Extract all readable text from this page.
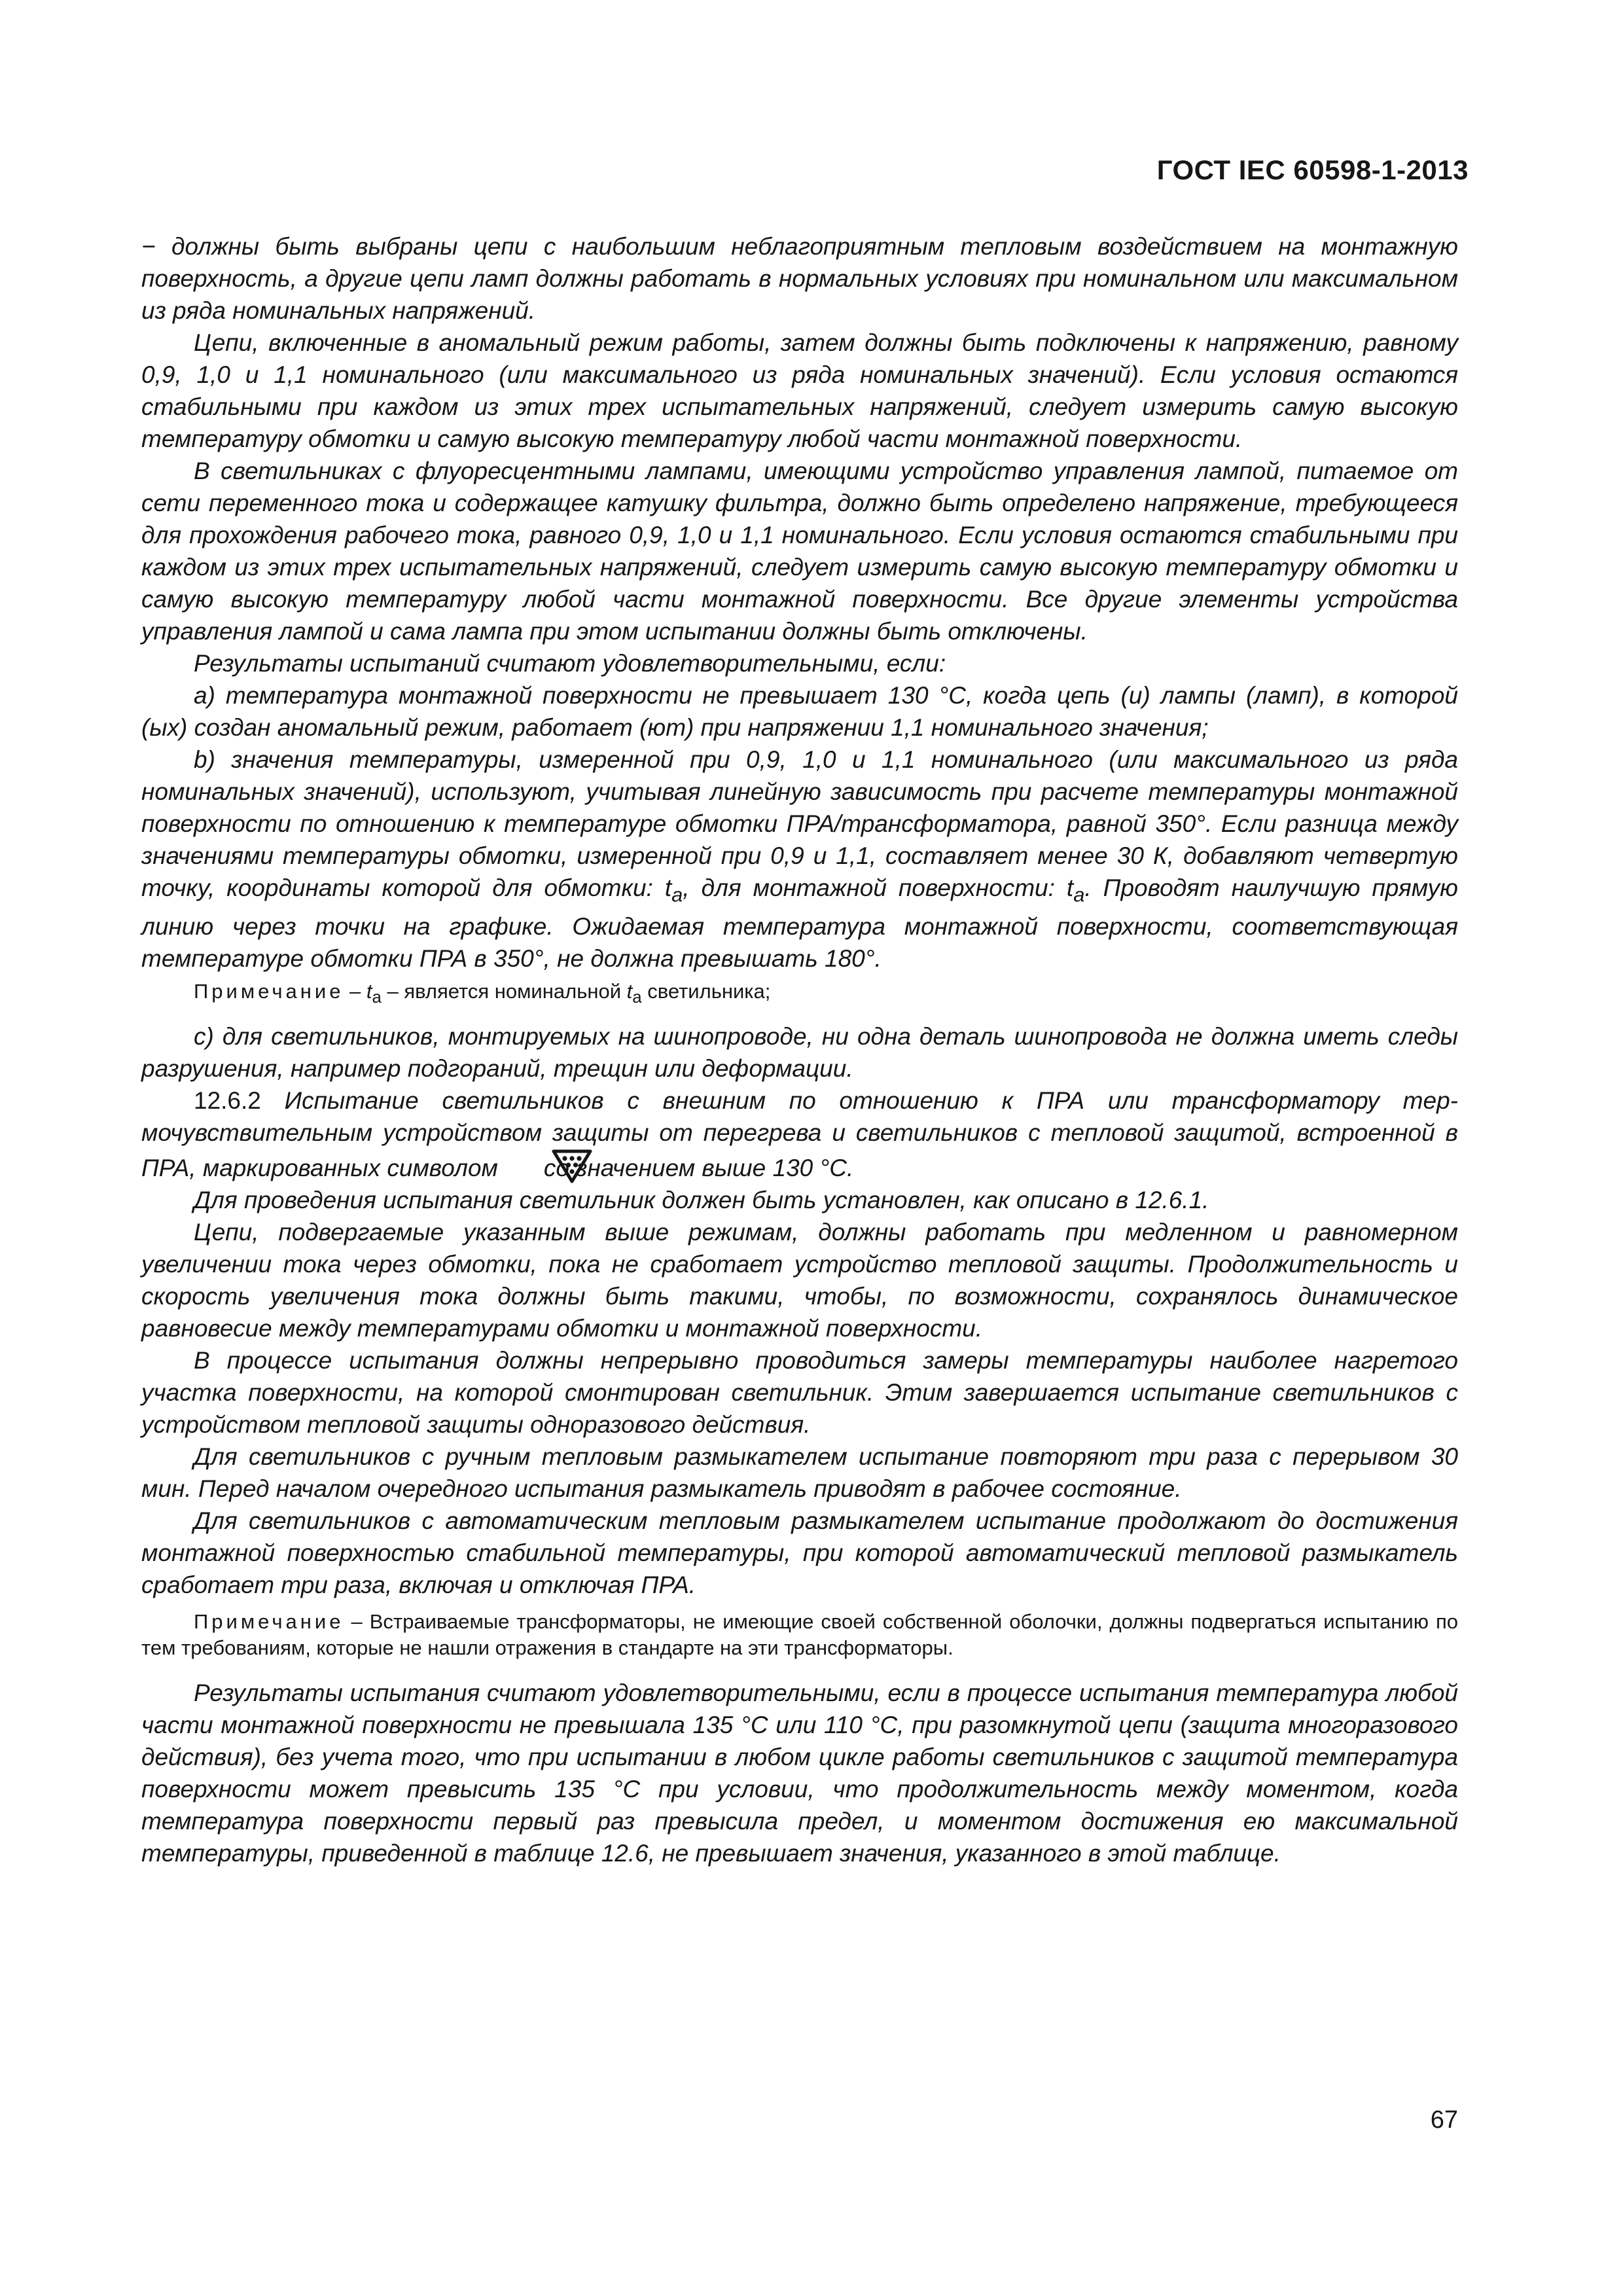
ГОСТ IEC 60598-1-2013

− должны быть выбраны цепи с наибольшим неблагоприятным тепловым воздействием на монтажную поверхность, а другие цепи ламп должны работать в нормальных условиях при номинальном или максимальном из ряда номинальных напряжений.

Цепи, включенные в аномальный режим работы, затем должны быть подключены к напряжению, равному 0,9, 1,0 и 1,1 номинального (или максимального из ряда номинальных значений). Если условия остаются стабильными при каждом из этих трех испытательных напряжений, следует измерить самую высокую температуру обмотки и самую высокую температуру любой части монтажной поверхности.

В светильниках с флуоресцентными лампами, имеющими устройство управления лампой, питаемое от сети переменного тока и содержащее катушку фильтра, должно быть определено напряжение, требующееся для прохождения рабочего тока, равного 0,9, 1,0 и 1,1 номинального. Если условия остаются стабильными при каждом из этих трех испытательных напряжений, следует измерить самую высокую температуру обмотки и самую высокую температуру любой части монтажной поверхности. Все другие элементы устройства управления лампой и сама лампа при этом испытании должны быть отключены.

Результаты испытаний считают удовлетворительными, если:

a) температура монтажной поверхности не превышает 130 °С, когда цепь (и) лампы (ламп), в которой (ых) создан аномальный режим, работает (ют) при напряжении 1,1 номинального значения;

b) значения температуры, измеренной при 0,9, 1,0 и 1,1 номинального (или максимального из ряда номинальных значений), используют, учитывая линейную зависимость при расчете температуры монтажной поверхности по отношению к температуре обмотки ПРА/трансформатора, равной 350°. Если разница между значениями температуры обмотки, измеренной при 0,9 и 1,1, составляет менее 30 К, добавляют четвертую точку, координаты которой для обмотки: $t_a$, для монтажной поверхности: $t_a$. Проводят наилучшую прямую линию через точки на графике. Ожидаемая температура монтажной поверхности, соответствующая температуре обмотки ПРА в 350°, не должна превышать 180°.

Примечание – $t_a$ – является номинальной $t_a$ светильника;

c) для светильников, монтируемых на шинопроводе, ни одна деталь шинопровода не должна иметь следы разрушения, например подгораний, трещин или деформации.

12.6.2 Испытание светильников с внешним по отношению к ПРА или трансформатору термочувствительным устройством защиты от перегрева и светильников с тепловой защитой, встроенной в ПРА, маркированных символом со значением выше 130 °С.

Для проведения испытания светильник должен быть установлен, как описано в 12.6.1.

Цепи, подвергаемые указанным выше режимам, должны работать при медленном и равномерном увеличении тока через обмотки, пока не сработает устройство тепловой защиты. Продолжительность и скорость увеличения тока должны быть такими, чтобы, по возможности, сохранялось динамическое равновесие между температурами обмотки и монтажной поверхности.

В процессе испытания должны непрерывно проводиться замеры температуры наиболее нагретого участка поверхности, на которой смонтирован светильник. Этим завершается испытание светильников с устройством тепловой защиты одноразового действия.

Для светильников с ручным тепловым размыкателем испытание повторяют три раза с перерывом 30 мин. Перед началом очередного испытания размыкатель приводят в рабочее состояние.

Для светильников с автоматическим тепловым размыкателем испытание продолжают до достижения монтажной поверхностью стабильной температуры, при которой автоматический тепловой размыкатель сработает три раза, включая и отключая ПРА.

Примечание – Встраиваемые трансформаторы, не имеющие своей собственной оболочки, должны подвергаться испытанию по тем требованиям, которые не нашли отражения в стандарте на эти трансформаторы.

Результаты испытания считают удовлетворительными, если в процессе испытания температура любой части монтажной поверхности не превышала 135 °С или 110 °С, при разомкнутой цепи (защита многоразового действия), без учета того, что при испытании в любом цикле работы светильников с защитой температура поверхности может превысить 135 °С при условии, что продолжительность между моментом, когда температура поверхности первый раз превысила предел, и моментом достижения ею максимальной температуры, приведенной в таблице 12.6, не превышает значения, указанного в этой таблице.

67
